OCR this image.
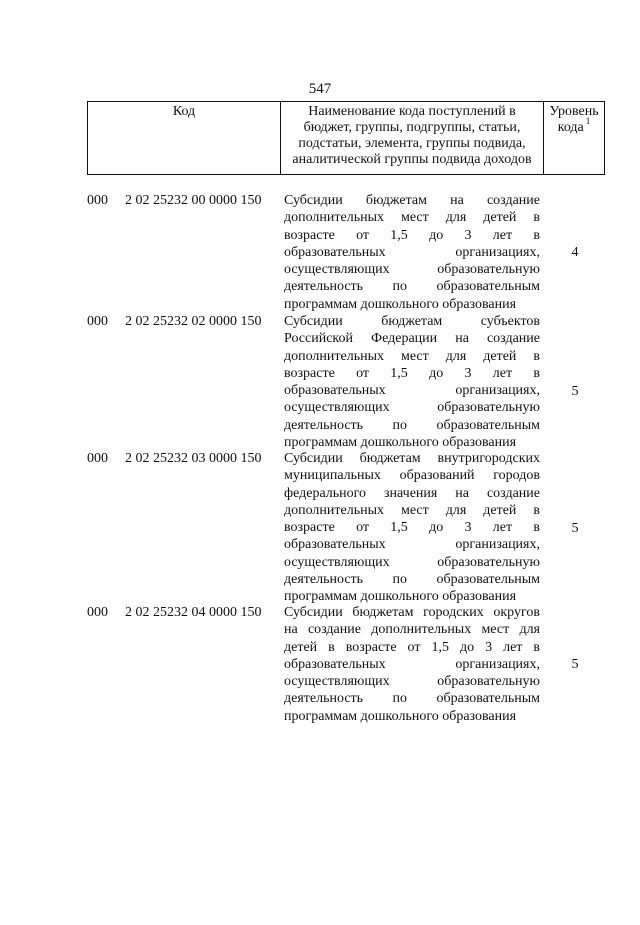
547
Код	Наименование кода поступлений в
бюджет, группы, подгруппы, статьи,
подстатьи, элемента, группы подвида,
аналитической группы подвида доходов
Уровень
кода $^1$
000	2 02 25232 00 0000 150	Субсидии бюджетам на создание
дополнительных мест для детей в
возрасте от 1,5 до 3 лет в
образовательных организациях,
осуществляющих образовательную
деятельность по образовательным
программам дошкольного образования
4
000	2 02 25232 02 0000 150	Субсидии бюджетам субъектов
Российской Федерации на создание
дополнительных мест для детей в
возрасте от 1,5 до 3 лет в
образовательных организациях,
осуществляющих образовательную
деятельность по образовательным
программам дошкольного образования
5
000	2 02 25232 03 0000 150	Субсидии бюджетам внутригородских
муниципальных образований городов
федерального значения на создание
дополнительных мест для детей в
возрасте от 1,5 до 3 лет в
образовательных организациях,
осуществляющих образовательную
деятельность по образовательным
программам дошкольного образования
5
000	2 02 25232 04 0000 150	Субсидии бюджетам городских округов
на создание дополнительных мест для
детей в возрасте от 1,5 до 3 лет в
образовательных организациях,
осуществляющих образовательную
деятельность по образовательным
программам дошкольного образования
5
